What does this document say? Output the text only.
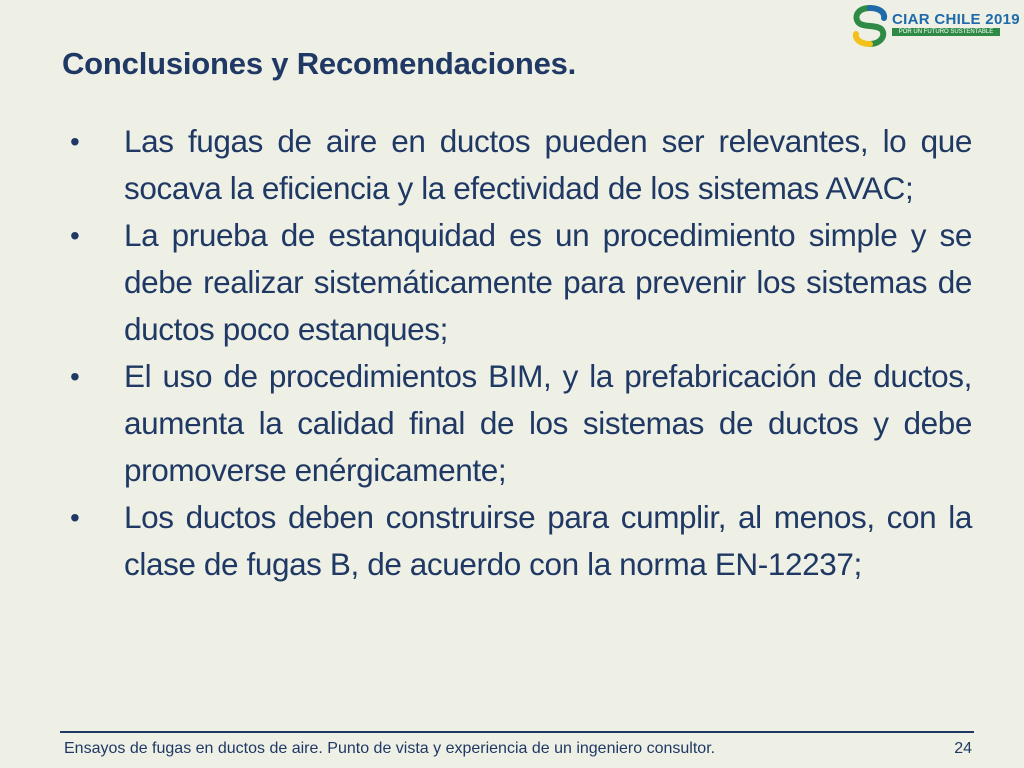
CIAR CHILE 2019
POR UN FUTURO SUSTENTABLE
Conclusiones y Recomendaciones.
• Las fugas de aire en ductos pueden ser relevantes, lo que socava la eficiencia y la efectividad de los sistemas AVAC;
• La prueba de estanquidad es un procedimiento simple y se debe realizar sistemáticamente para prevenir los sistemas de ductos poco estanques;
• El uso de procedimientos BIM, y la prefabricación de ductos, aumenta la calidad final de los sistemas de ductos y debe promoverse enérgicamente;
• Los ductos deben construirse para cumplir, al menos, con la clase de fugas B, de acuerdo con la norma EN-12237;
Ensayos de fugas en ductos de aire. Punto de vista y experiencia de un ingeniero consultor.	24
